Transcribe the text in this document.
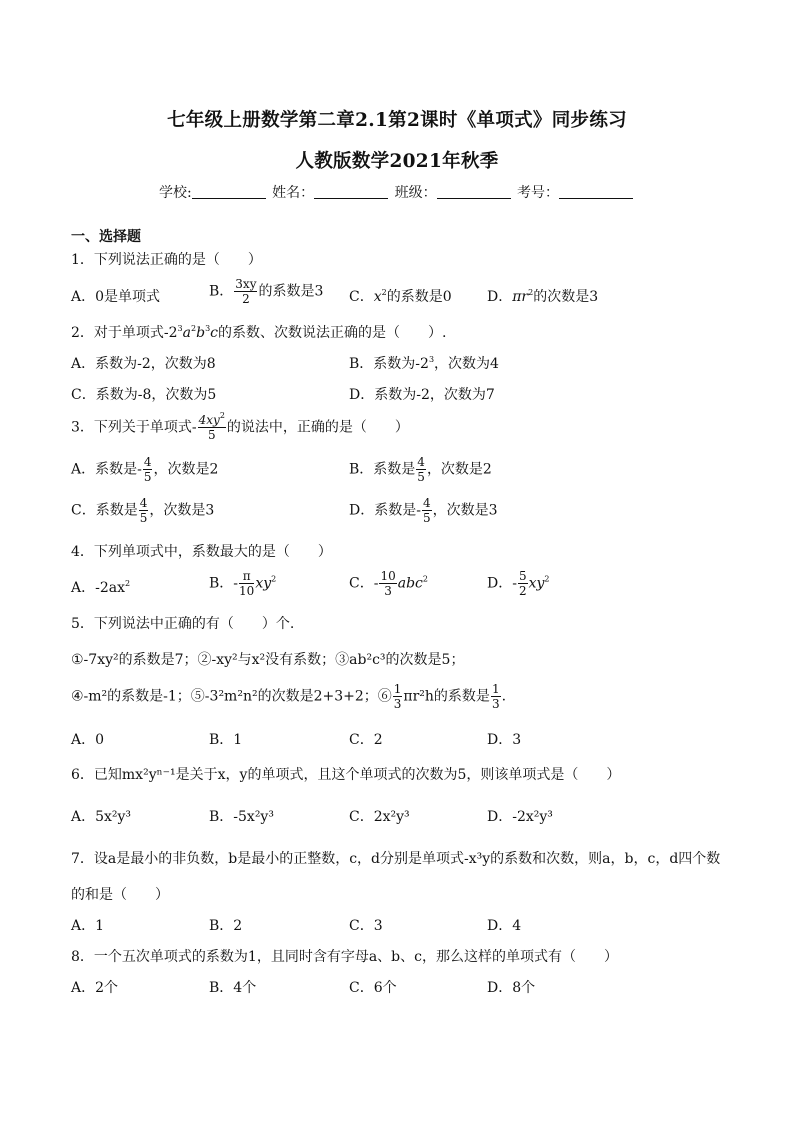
七年级上册数学第二章2.1第2课时《单项式》同步练习
人教版数学2021年秋季
学校:	姓名：	班级：	考号：
一、选择题
1．下列说法正确的是（　　）
A．0是单项式	B． $\frac{3xy}{2}$ 的系数是3 C．$x^2$的系数是0	D．$\pi r^2$的次数是3
2．对于单项式$-2^3a^2b^3c$的系数、次数说法正确的是（　　）.
A．系数为-2，次数为8	B．系数为$-2^3$，次数为4
C．系数为-8，次数为5	D．系数为-2，次数为7
3．下列关于单项式- $\frac{4xy^2}{5}$ 的说法中，正确的是（　　）
A．系数是- $\frac{4}{5}$ ，次数是2	B．系数是 $\frac{4}{5}$ ，次数是2
C．系数是 $\frac{4}{5}$ ，次数是3	D．系数是- $\frac{4}{5}$ ，次数是3
4．下列单项式中，系数最大的是（　　）
A．$-2ax^2$	B．- $\frac{\pi}{10} xy^2$	C．- $\frac{10}{3} abc^2$	D．- $\frac{5}{2} xy^2$
5．下列说法中正确的有（　　）个.
①-7xy²的系数是7；②-xy²与x²没有系数；③ab²c³的次数是5；
④-m²的系数是-1；⑤-3²m²n²的次数是2+3+2；⑥ $\frac{1}{3} \pi r^2h$的系数是 $\frac{1}{3}$ .
A．0	B．1	C．2	D．3
6．已知mx²yⁿ⁻¹是关于x，y的单项式，且这个单项式的次数为5，则该单项式是（　　）
A．5x²y³	B．-5x²y³	C．2x²y³	D．-2x²y³
7．设a是最小的非负数，b是最小的正整数，c，d分别是单项式-x³y的系数和次数，则a，b，c，d四个数
的和是（　　）
A．1	B．2	C．3	D．4
8．一个五次单项式的系数为1，且同时含有字母a、b、c，那么这样的单项式有（　　）
A．2个	B．4个	C．6个	D．8个
